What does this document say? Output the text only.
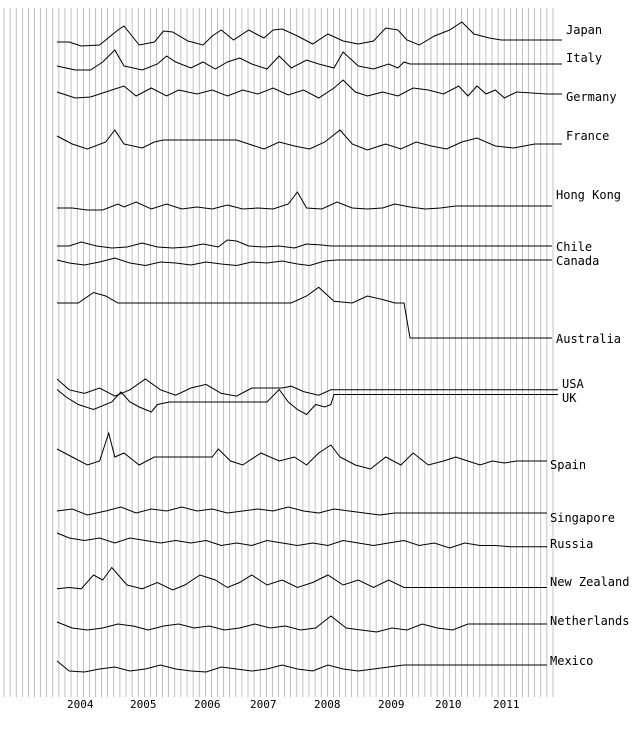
Japan
Italy
Germany
France
Hong Kong
Chile
Canada
Australia
USA
UK
Spain
Singapore
Russia
New Zealand
Netherlands
Mexico
2004	2005	2006	2007	2008	2009	2010	2011
